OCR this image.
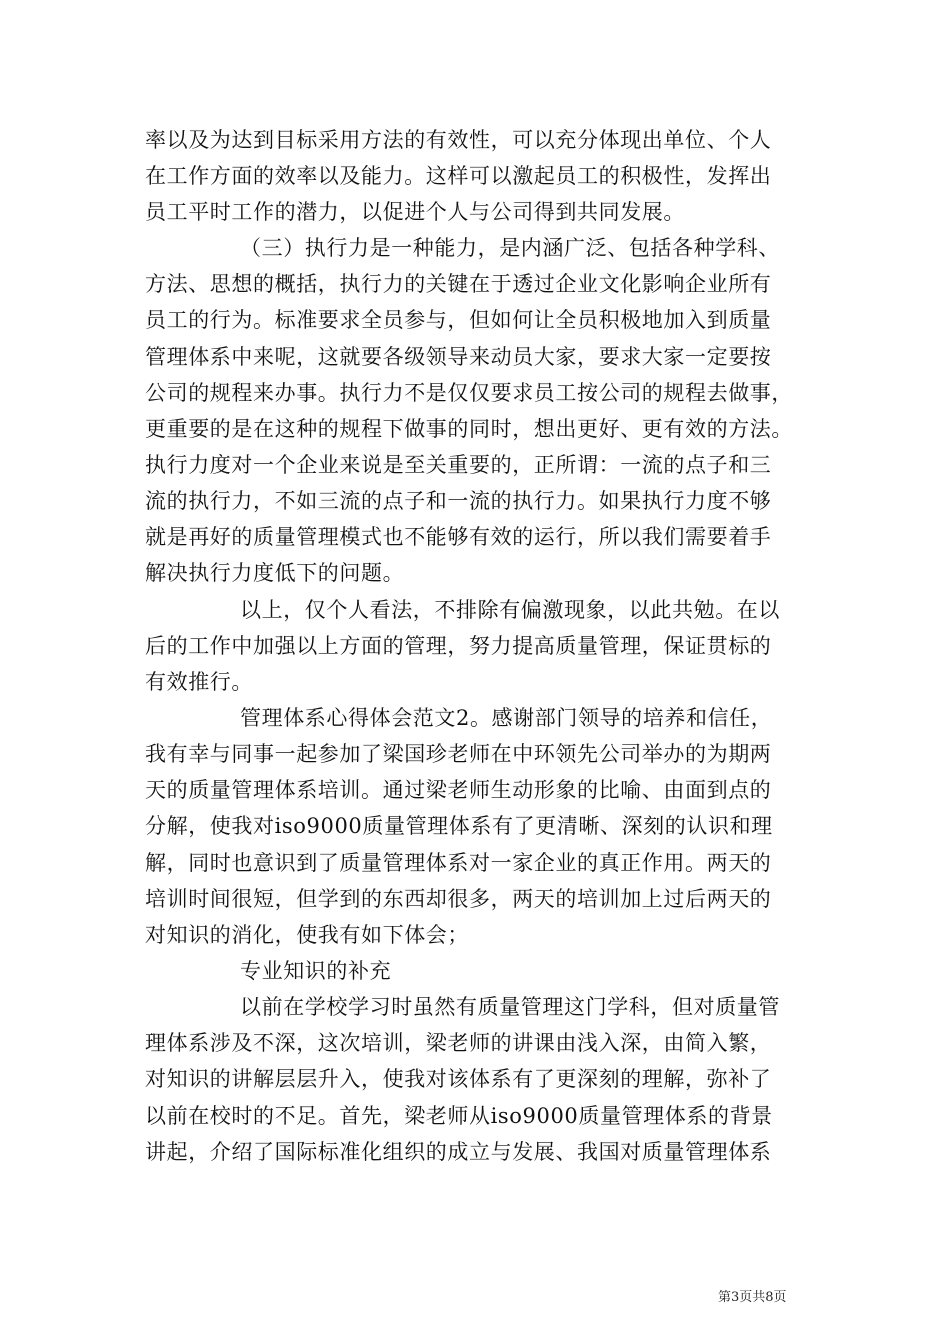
率以及为达到目标采用方法的有效性，可以充分体现出单位、个人
在工作方面的效率以及能力。这样可以激起员工的积极性，发挥出
员工平时工作的潜力，以促进个人与公司得到共同发展。
（三）执行力是一种能力，是内涵广泛、包括各种学科、
方法、思想的概括，执行力的关键在于透过企业文化影响企业所有
员工的行为。标准要求全员参与，但如何让全员积极地加入到质量
管理体系中来呢，这就要各级领导来动员大家，要求大家一定要按
公司的规程来办事。执行力不是仅仅要求员工按公司的规程去做事，
更重要的是在这种的规程下做事的同时，想出更好、更有效的方法。
执行力度对一个企业来说是至关重要的，正所谓：一流的点子和三
流的执行力，不如三流的点子和一流的执行力。如果执行力度不够
就是再好的质量管理模式也不能够有效的运行，所以我们需要着手
解决执行力度低下的问题。
以上，仅个人看法，不排除有偏激现象，以此共勉。在以
后的工作中加强以上方面的管理，努力提高质量管理，保证贯标的
有效推行。
管理体系心得体会范文2。感谢部门领导的培养和信任，
我有幸与同事一起参加了梁国珍老师在中环领先公司举办的为期两
天的质量管理体系培训。通过梁老师生动形象的比喻、由面到点的
分解，使我对iso9000质量管理体系有了更清晰、深刻的认识和理
解，同时也意识到了质量管理体系对一家企业的真正作用。两天的
培训时间很短，但学到的东西却很多，两天的培训加上过后两天的
对知识的消化，使我有如下体会；
专业知识的补充
以前在学校学习时虽然有质量管理这门学科，但对质量管
理体系涉及不深，这次培训，梁老师的讲课由浅入深，由简入繁，
对知识的讲解层层升入，使我对该体系有了更深刻的理解，弥补了
以前在校时的不足。首先，梁老师从iso9000质量管理体系的背景
讲起，介绍了国际标准化组织的成立与发展、我国对质量管理体系
第3页共8页
